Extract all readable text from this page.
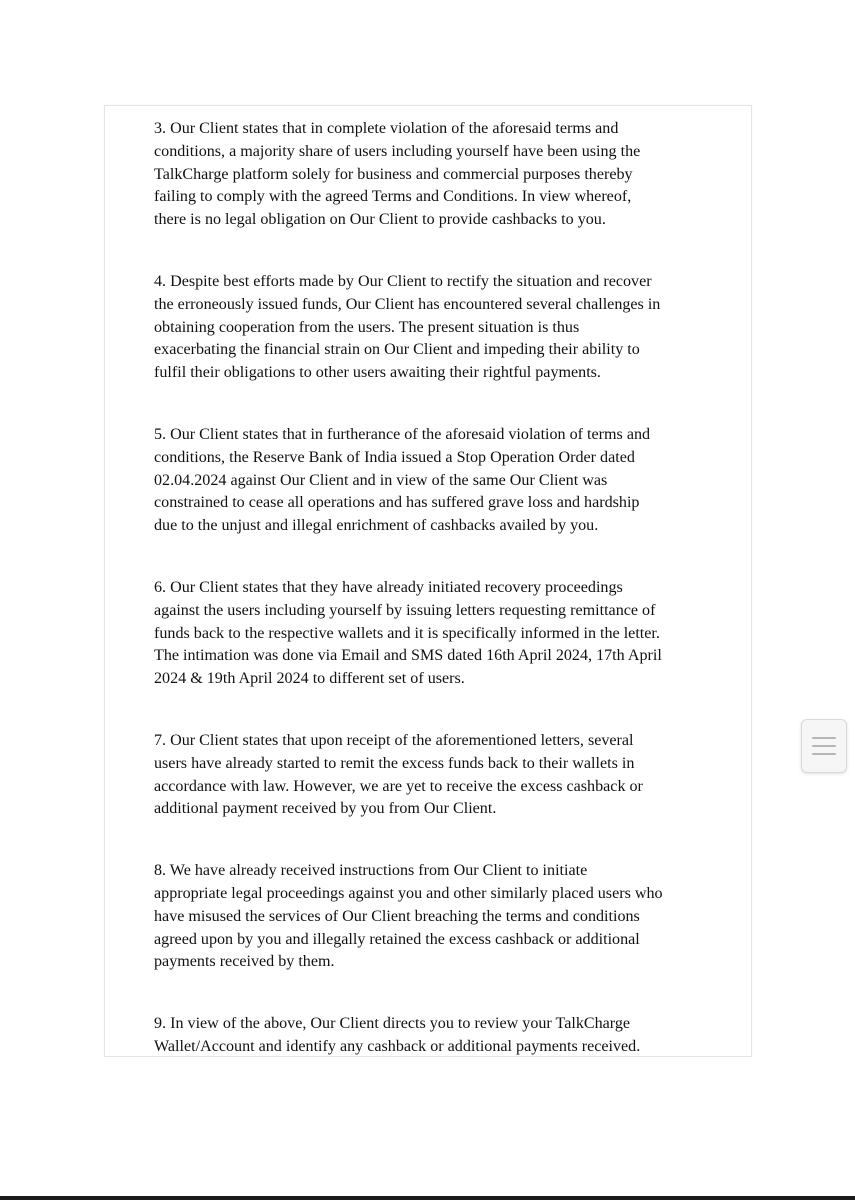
3. Our Client states that in complete violation of the aforesaid terms and
conditions, a majority share of users including yourself have been using the
TalkCharge platform solely for business and commercial purposes thereby
failing to comply with the agreed Terms and Conditions. In view whereof,
there is no legal obligation on Our Client to provide cashbacks to you.

4. Despite best efforts made by Our Client to rectify the situation and recover
the erroneously issued funds, Our Client has encountered several challenges in
obtaining cooperation from the users. The present situation is thus
exacerbating the financial strain on Our Client and impeding their ability to
fulfil their obligations to other users awaiting their rightful payments.

5. Our Client states that in furtherance of the aforesaid violation of terms and
conditions, the Reserve Bank of India issued a Stop Operation Order dated
02.04.2024 against Our Client and in view of the same Our Client was
constrained to cease all operations and has suffered grave loss and hardship
due to the unjust and illegal enrichment of cashbacks availed by you.

6. Our Client states that they have already initiated recovery proceedings
against the users including yourself by issuing letters requesting remittance of
funds back to the respective wallets and it is specifically informed in the letter.
The intimation was done via Email and SMS dated 16th April 2024, 17th April
2024 & 19th April 2024 to different set of users.

7. Our Client states that upon receipt of the aforementioned letters, several
users have already started to remit the excess funds back to their wallets in
accordance with law. However, we are yet to receive the excess cashback or
additional payment received by you from Our Client.

8. We have already received instructions from Our Client to initiate
appropriate legal proceedings against you and other similarly placed users who
have misused the services of Our Client breaching the terms and conditions
agreed upon by you and illegally retained the excess cashback or additional
payments received by them.

9. In view of the above, Our Client directs you to review your TalkCharge
Wallet/Account and identify any cashback or additional payments received.
